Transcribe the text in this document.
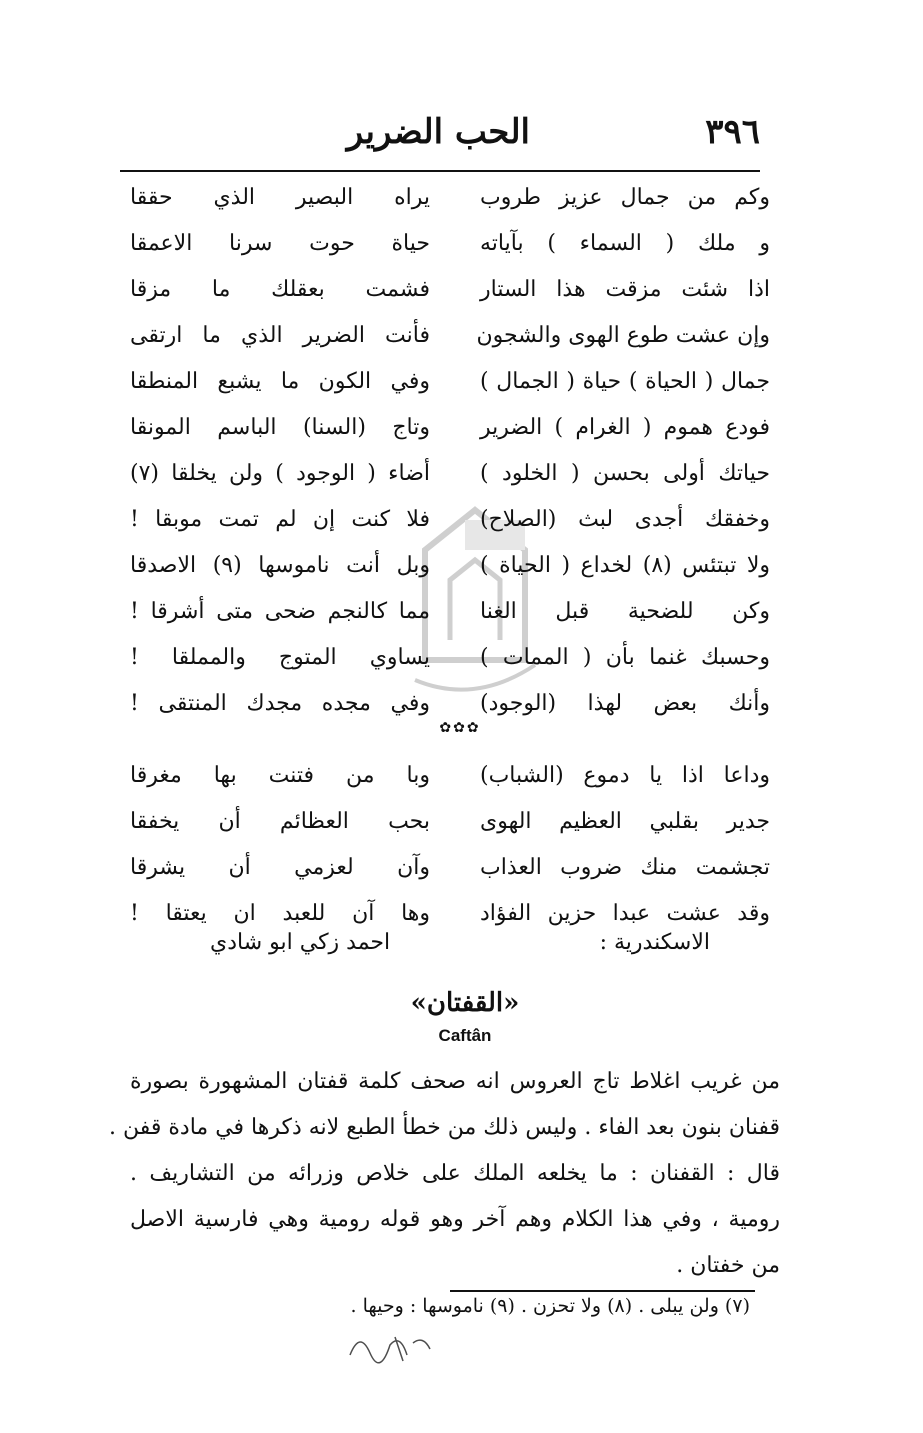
٣٩٦
الحب الضرير
وكم من جمال عزيز طروب
يراه البصير الذي حققا
و ملك ( السماء ) بآياته
حياة حوت سرنا الاعمقا
اذا شئت مزقت هذا الستار
فشمت بعقلك ما مزقا
وإن عشت طوع الهوى والشجون
فأنت الضرير الذي ما ارتقى
جمال ( الحياة ) حياة ( الجمال )
وفي الكون ما يشبع المنطقا
فودع هموم ( الغرام ) الضرير
وتاج (السنا) الباسم المونقا
حياتك أولى بحسن ( الخلود )
أضاء ( الوجود ) ولن يخلقا (٧)
وخفقك أجدى لبث (الصلاح)
فلا كنت إن لم تمت موبقا !
ولا تبتئس (٨) لخداع ( الحياة )
وبل أنت ناموسها (٩) الاصدقا
وكن للضحية قبل الغنا
مما كالنجم ضحى متى أشرقا !
وحسبك غنما بأن ( الممات )
يساوي المتوج والمملقا !
وأنك بعض لهذا (الوجود)
وفي مجده مجدك المنتقى !
✿✿✿
وداعا اذا يا دموع (الشباب)
وبا من فتنت بها مغرقا
جدير بقلبي العظيم الهوى
بحب العظائم أن يخفقا
تجشمت منك ضروب العذاب
وآن لعزمي أن يشرقا
وقد عشت عبدا حزين الفؤاد
وها آن للعبد ان يعتقا !
الاسكندرية :
احمد زكي ابو شادي
«القفتان»
Caftân
من غريب اغلاط تاج العروس انه صحف كلمة قفتان المشهورة بصورة
قفنان بنون بعد الفاء . وليس ذلك من خطأ الطبع لانه ذكرها في مادة قفن .
قال : القفنان : ما يخلعه الملك على خلاص وزرائه من التشاريف .
رومية ، وفي هذا الكلام وهم آخر وهو قوله رومية وهي فارسية الاصل
من خفتان .
(٧) ولن يبلى . (٨) ولا تحزن . (٩) ناموسها : وحيها .
